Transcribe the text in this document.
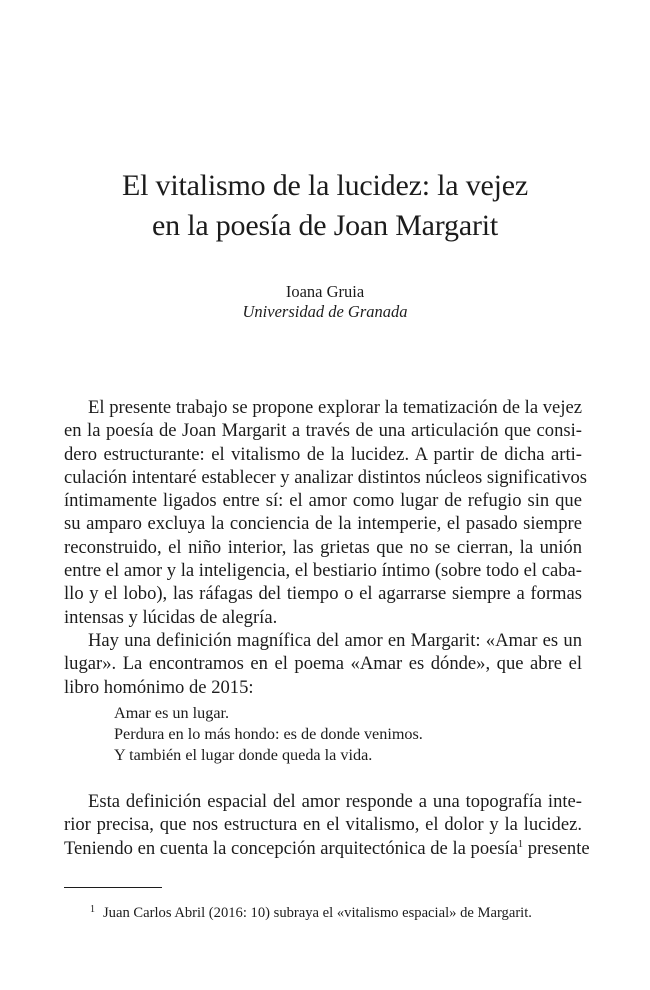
El vitalismo de la lucidez: la vejez
en la poesía de Joan Margarit
Ioana Gruia
Universidad de Granada
El presente trabajo se propone explorar la tematización de la vejez
en la poesía de Joan Margarit a través de una articulación que consi-
dero estructurante: el vitalismo de la lucidez. A partir de dicha arti-
culación intentaré establecer y analizar distintos núcleos significativos
íntimamente ligados entre sí: el amor como lugar de refugio sin que
su amparo excluya la conciencia de la intemperie, el pasado siempre
reconstruido, el niño interior, las grietas que no se cierran, la unión
entre el amor y la inteligencia, el bestiario íntimo (sobre todo el caba-
llo y el lobo), las ráfagas del tiempo o el agarrarse siempre a formas
intensas y lúcidas de alegría.
Hay una definición magnífica del amor en Margarit: «Amar es un
lugar». La encontramos en el poema «Amar es dónde», que abre el
libro homónimo de 2015:
Amar es un lugar.
Perdura en lo más hondo: es de donde venimos.
Y también el lugar donde queda la vida.
Esta definición espacial del amor responde a una topografía inte-
rior precisa, que nos estructura en el vitalismo, el dolor y la lucidez.
Teniendo en cuenta la concepción arquitectónica de la poesía$^1$ presente
$^1$ Juan Carlos Abril (2016: 10) subraya el «vitalismo espacial» de Margarit.
